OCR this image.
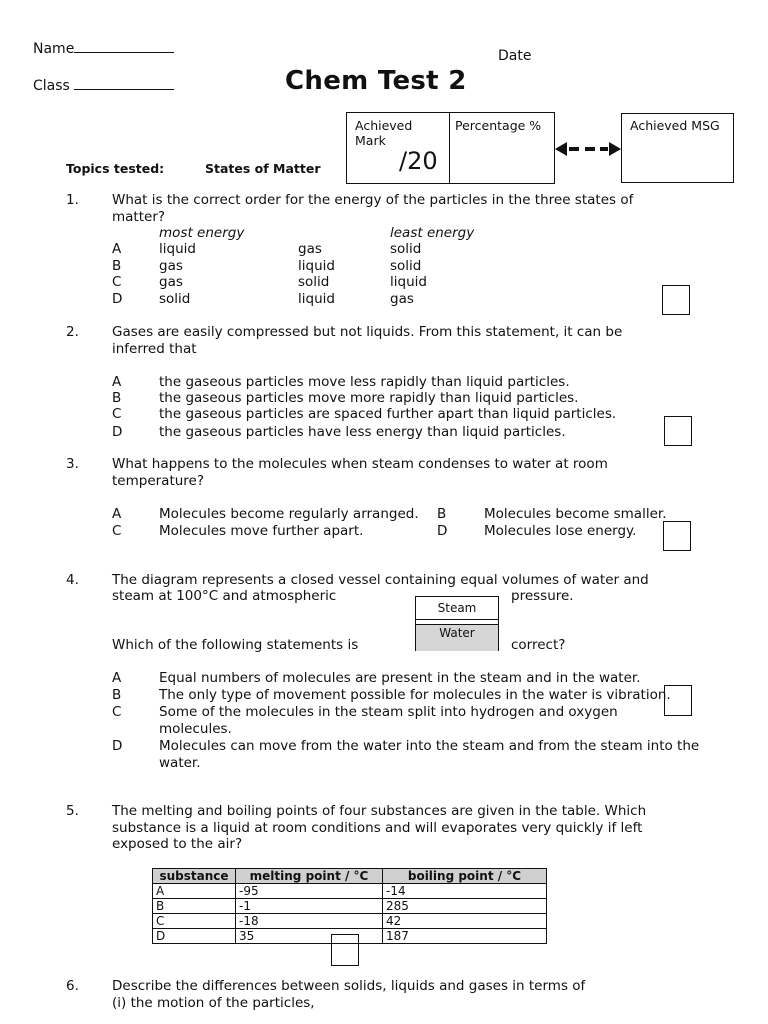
Name
Class
Date
Chem Test 2
Achieved Mark
/20
Percentage %	Achieved MSG
Topics tested:	States of Matter
1. What is the correct order for the energy of the particles in the three states of matter?
most energy	least energy
A	liquid	gas	solid
B	gas	liquid	solid
C	gas	solid	liquid
D	solid	liquid	gas
2. Gases are easily compressed but not liquids. From this statement, it can be inferred that
A	the gaseous particles move less rapidly than liquid particles.
B	the gaseous particles move more rapidly than liquid particles.
C	the gaseous particles are spaced further apart than liquid particles.
D	the gaseous particles have less energy than liquid particles.
3. What happens to the molecules when steam condenses to water at room temperature?
A	Molecules become regularly arranged. B	Molecules become smaller.
C	Molecules move further apart.	D	Molecules lose energy.
4. The diagram represents a closed vessel containing equal volumes of water and
steam at 100°C and atmospheric	pressure.
Which of the following statements is	correct?
Steam
Water
A	Equal numbers of molecules are present in the steam and in the water.
B	The only type of movement possible for molecules in the water is vibration.
C	Some of the molecules in the steam split into hydrogen and oxygen molecules.
D	Molecules can move from the water into the steam and from the steam into the water.
5. The melting and boiling points of four substances are given in the table. Which substance is a liquid at room conditions and will evaporates very quickly if left exposed to the air?
substance	melting point / °C	boiling point / °C
A	-95	-14
B	-1	285
C	-18	42
D	35	187
6. Describe the differences between solids, liquids and gases in terms of
(i) the motion of the particles,
